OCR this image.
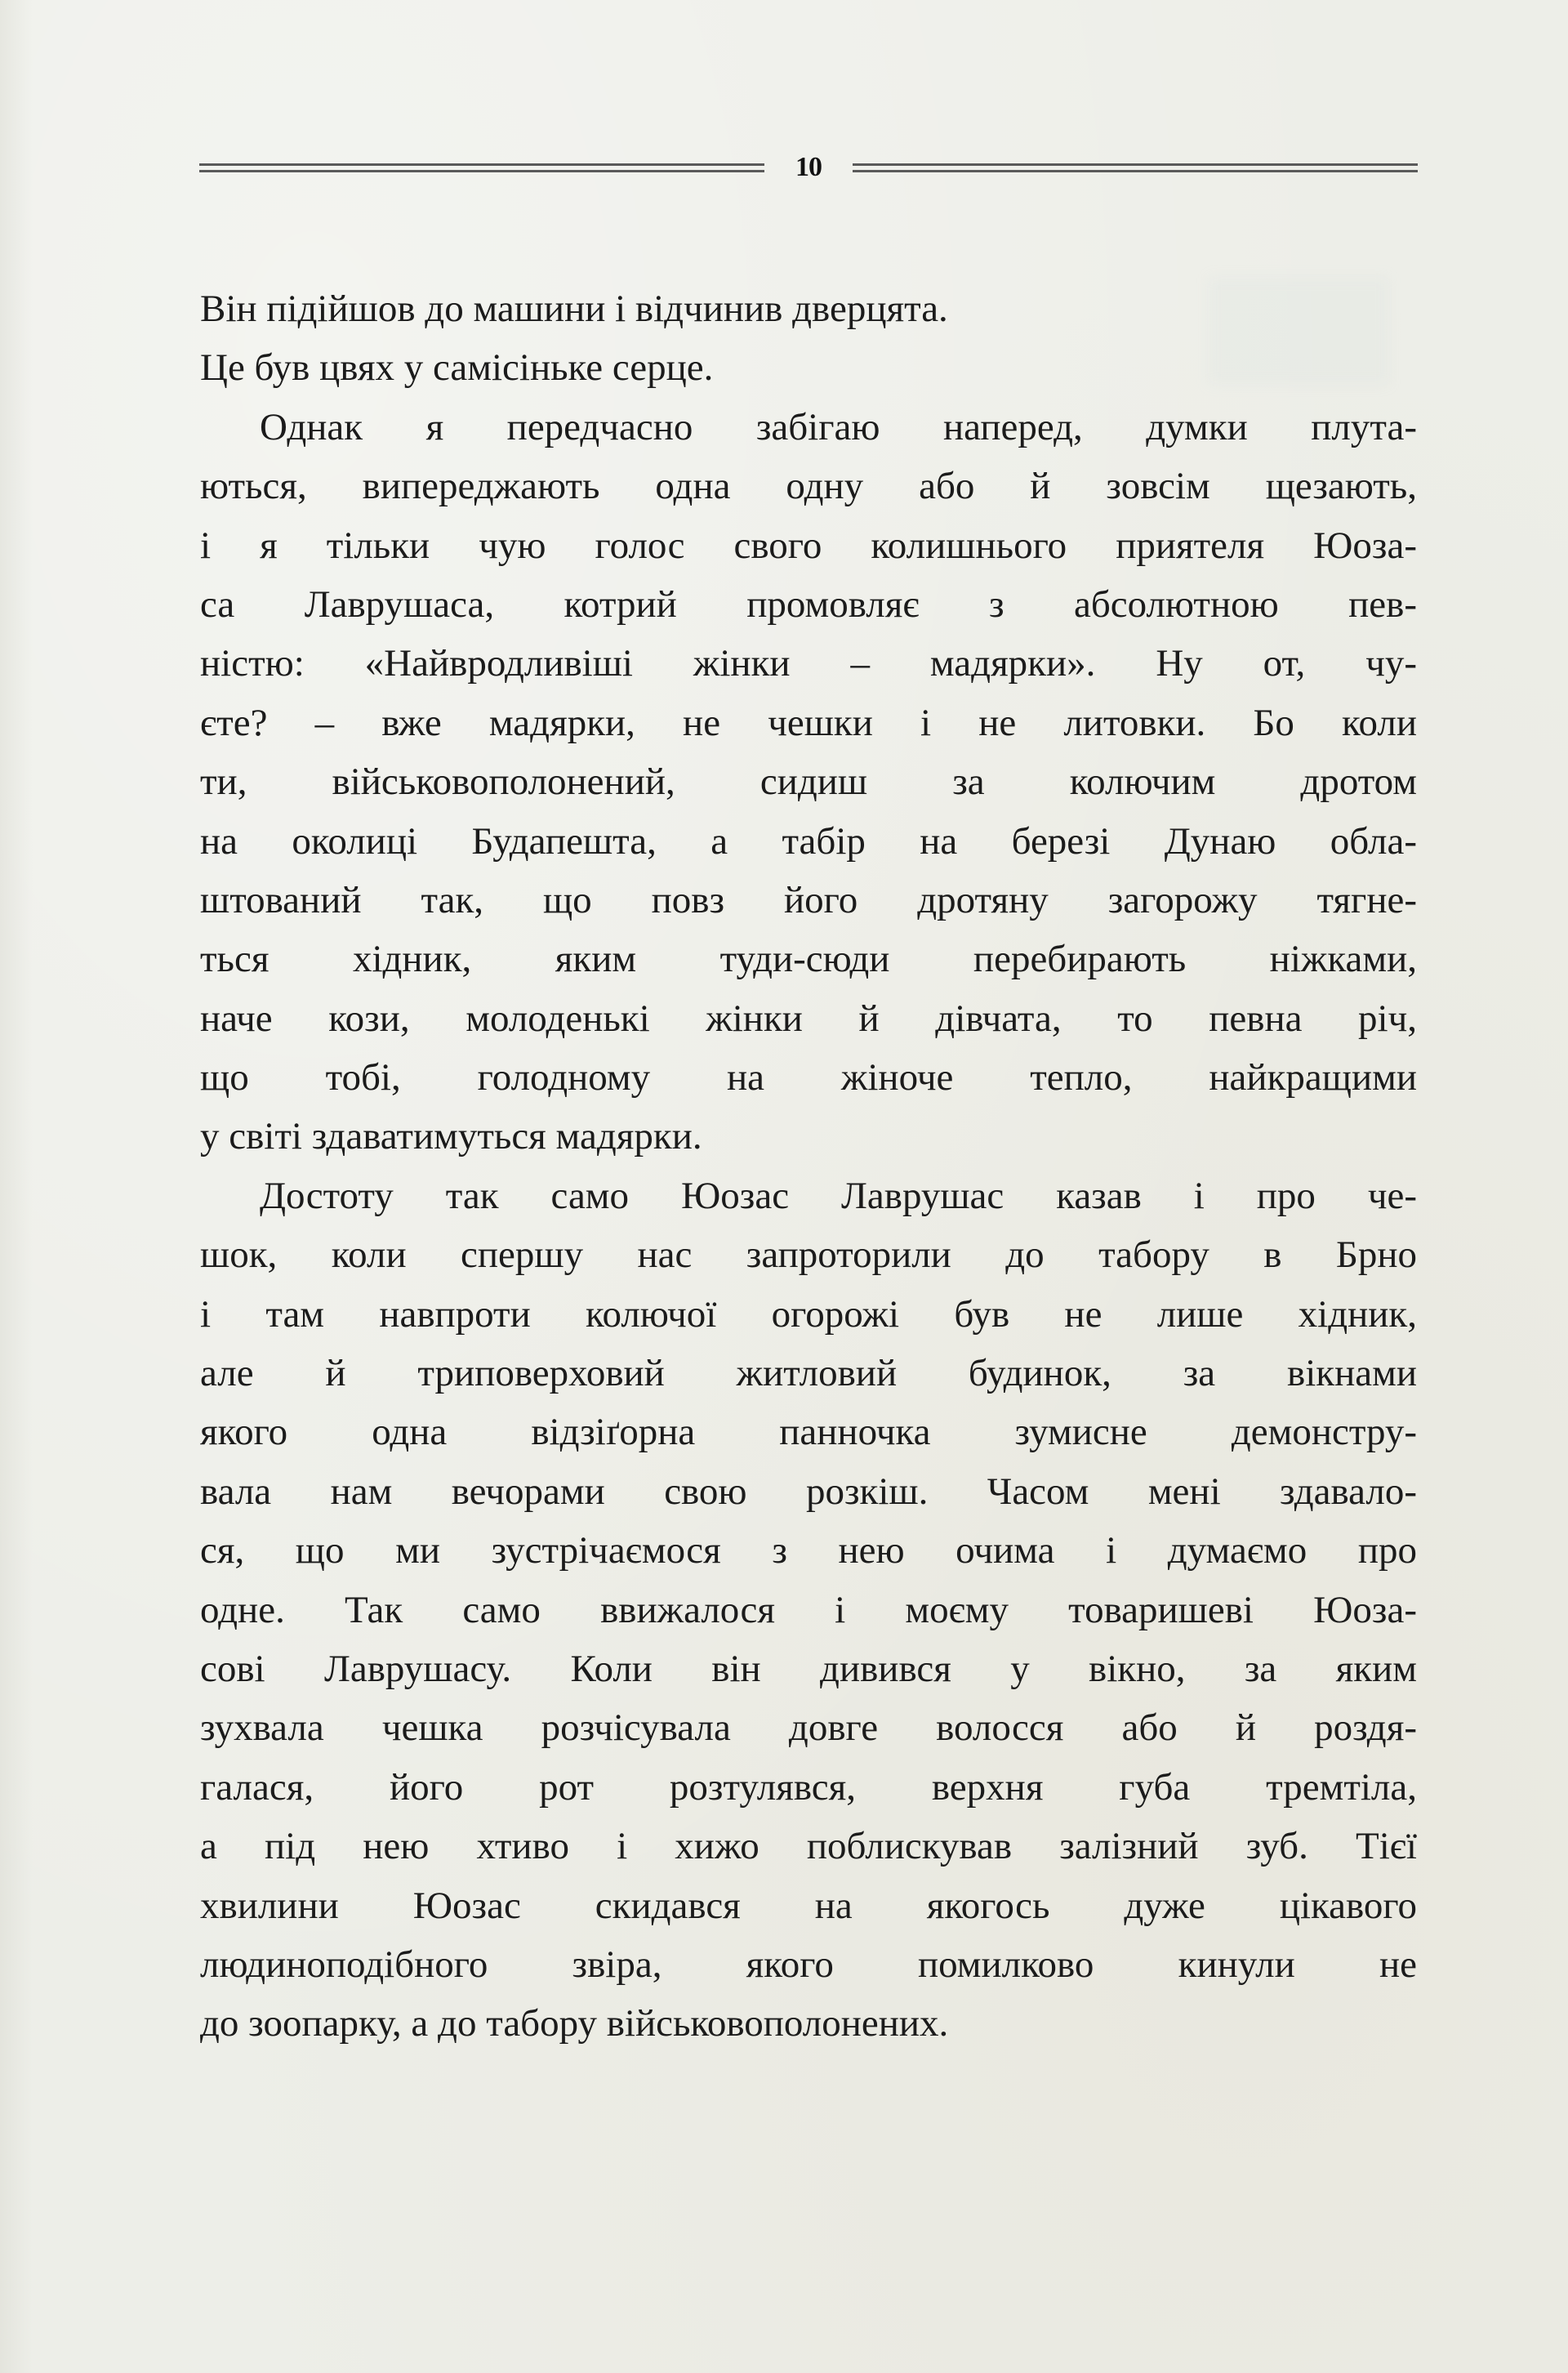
10
Він підійшов до машини і відчинив дверцята.
Це був цвях у самісіньке серце.
Однак я передчасно забігаю наперед, думки плута-
ються, випереджають одна одну або й зовсім щезають,
і я тільки чую голос свого колишнього приятеля Юоза-
са Лаврушаса, котрий промовляє з абсолютною пев-
ністю: «Найвродливіші жінки – мадярки». Ну от, чу-
єте? – вже мадярки, не чешки і не литовки. Бо коли
ти, військовополонений, сидиш за колючим дротом
на околиці Будапешта, а табір на березі Дунаю обла-
штований так, що повз його дротяну загорожу тягне-
ться хідник, яким туди-сюди перебирають ніжками,
наче кози, молоденькі жінки й дівчата, то певна річ,
що тобі, голодному на жіноче тепло, найкращими
у світі здаватимуться мадярки.
Достоту так само Юозас Лаврушас казав і про че-
шок, коли спершу нас запроторили до табору в Брно
і там навпроти колючої огорожі був не лише хідник,
але й триповерховий житловий будинок, за вікнами
якого одна відзіґорна панночка зумисне демонстру-
вала нам вечорами свою розкіш. Часом мені здавало-
ся, що ми зустрічаємося з нею очима і думаємо про
одне. Так само ввижалося і моєму товаришеві Юоза-
сові Лаврушасу. Коли він дивився у вікно, за яким
зухвала чешка розчісувала довге волосся або й роздя-
галася, його рот розтулявся, верхня губа тремтіла,
а під нею хтиво і хижо поблискував залізний зуб. Тієї
хвилини Юозас скидався на якогось дуже цікавого
людиноподібного звіра, якого помилково кинули не
до зоопарку, а до табору військовополонених.
